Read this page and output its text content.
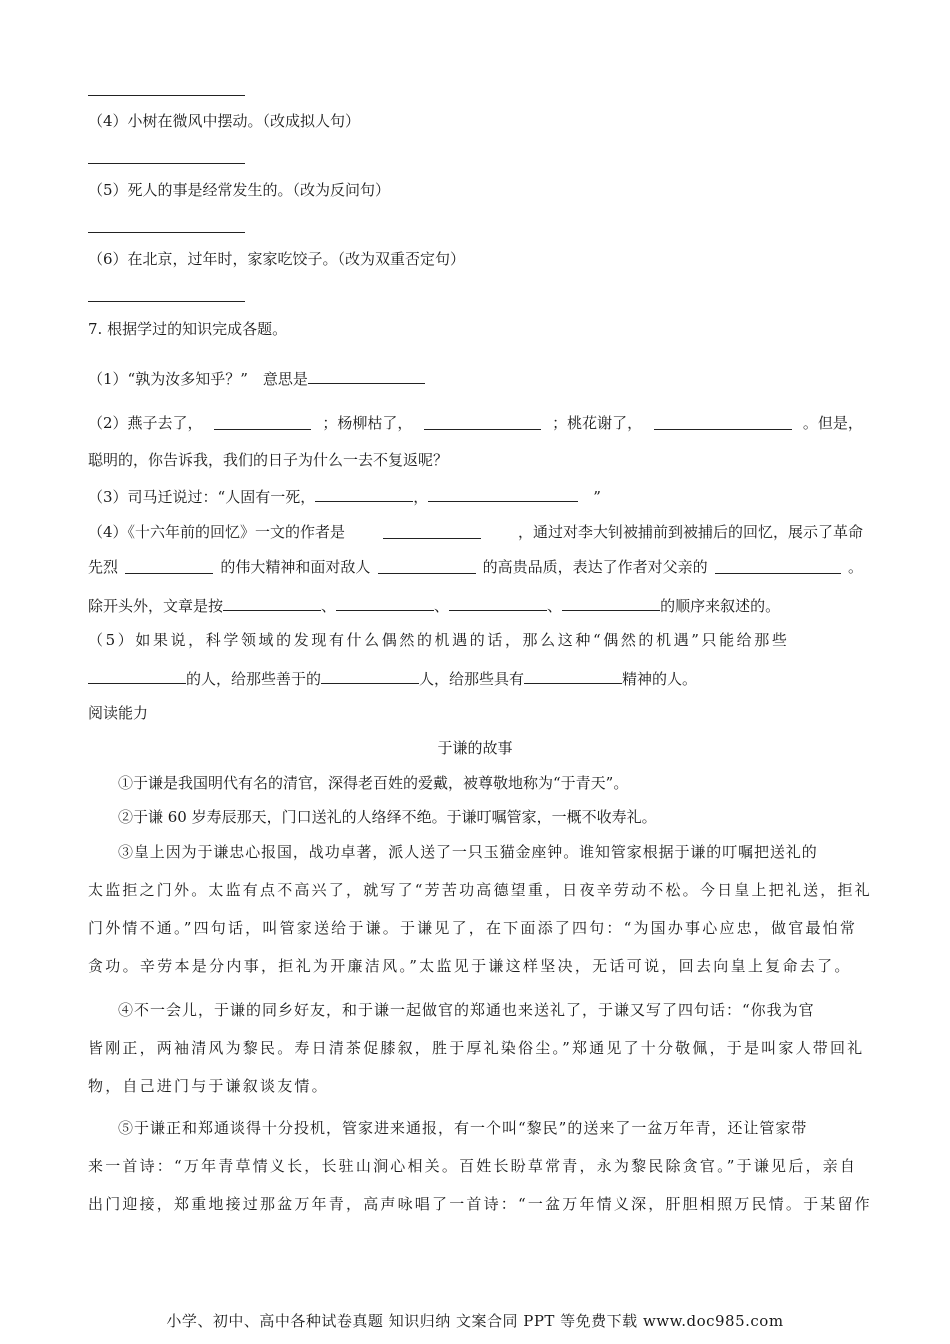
（4）小树在微风中摆动。（改成拟人句）
（5）死人的事是经常发生的。（改为反问句）
（6）在北京，过年时，家家吃饺子。（改为双重否定句）
7. 根据学过的知识完成各题。
（1）“孰为汝多知乎？”　意思是
（2）燕子去了，	；杨柳枯了，	；桃花谢了，	。但是，
聪明的，你告诉我，我们的日子为什么一去不复返呢？
（3）司马迁说过：“人固有一死，	，	　”
（4）《十六年前的回忆》一文的作者是	，通过对李大钊被捕前到被捕后的回忆，展示了革命
先烈	的伟大精神和面对敌人	的高贵品质，表达了作者对父亲的	。
除开头外，文章是按	、	、	、	的顺序来叙述的。
（5）如果说，科学领域的发现有什么偶然的机遇的话，那么这种“偶然的机遇”只能给那些
的人，给那些善于的	人，给那些具有	精神的人。
阅读能力
于谦的故事
①于谦是我国明代有名的清官，深得老百姓的爱戴，被尊敬地称为“于青天”。
②于谦 60 岁寿辰那天，门口送礼的人络绎不绝。于谦叮嘱管家，一概不收寿礼。
③皇上因为于谦忠心报国，战功卓著，派人送了一只玉猫金座钟。谁知管家根据于谦的叮嘱把送礼的
太监拒之门外。太监有点不高兴了，就写了“芳苦功高德望重，日夜辛劳动不松。今日皇上把礼送，拒礼
门外情不通。”四句话，叫管家送给于谦。于谦见了，在下面添了四句：“为国办事心应忠，做官最怕常
贪功。辛劳本是分内事，拒礼为开廉洁风。”太监见于谦这样坚决，无话可说，回去向皇上复命去了。
④不一会儿，于谦的同乡好友，和于谦一起做官的郑通也来送礼了，于谦又写了四句话：“你我为官
皆刚正，两袖清风为黎民。寿日清茶促膝叙，胜于厚礼染俗尘。”郑通见了十分敬佩，于是叫家人带回礼
物，自己进门与于谦叙谈友情。
⑤于谦正和郑通谈得十分投机，管家进来通报，有一个叫“黎民”的送来了一盆万年青，还让管家带
来一首诗：“万年青草情义长，长驻山涧心相关。百姓长盼草常青，永为黎民除贪官。”于谦见后，亲自
出门迎接，郑重地接过那盆万年青，高声咏唱了一首诗：“一盆万年情义深，肝胆相照万民情。于某留作
小学、初中、高中各种试卷真题 知识归纳 文案合同 PPT 等免费下载 www.doc985.com
